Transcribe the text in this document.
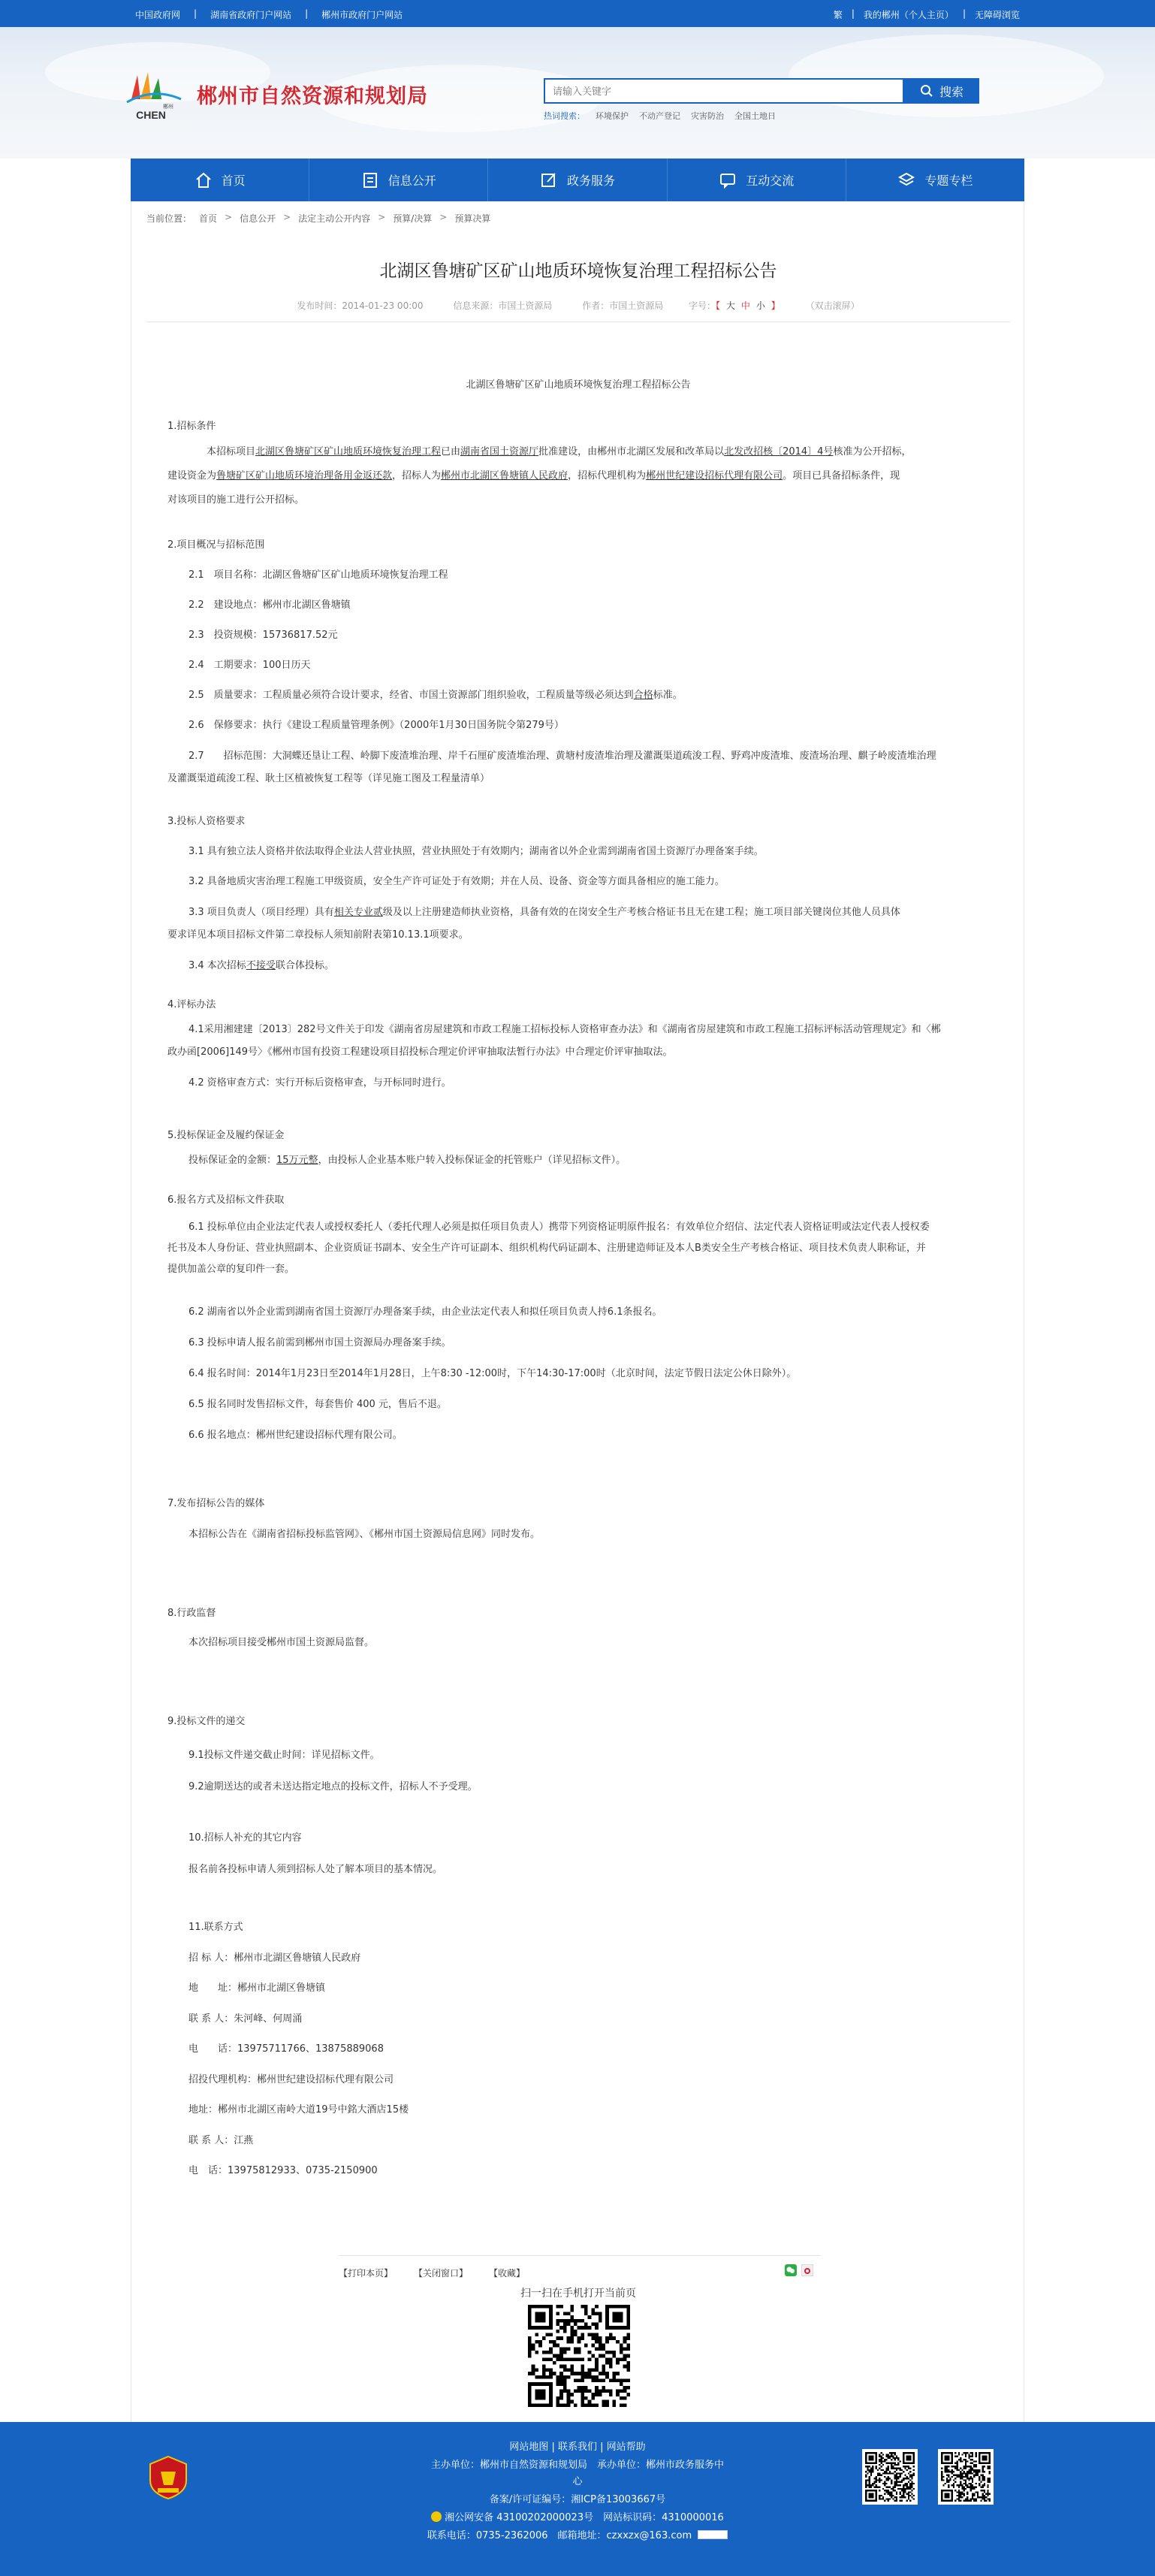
中国政府网 | 湖南省政府门户网站 | 郴州市政府门户网站	繁 | 我的郴州（个人主页） | 无障碍浏览
CHEN
郴州 郴州市自然资源和规划局
请输入关键字	搜索
热词搜索： 环境保护 不动产登记 灾害防治 全国土地日
首页	信息公开	政务服务	互动交流	专题专栏
当前位置： 首页 > 信息公开 > 法定主动公开内容 > 预算/决算 > 预算决算
北湖区鲁塘矿区矿山地质环境恢复治理工程招标公告
发布时间：2014-01-23 00:00	信息来源：市国土资源局	作者：市国土资源局	字号：【 大 中 小 】	（双击滚屏）
北湖区鲁塘矿区矿山地质环境恢复治理工程招标公告
1.招标条件
本招标项目北湖区鲁塘矿区矿山地质环境恢复治理工程已由湖南省国土资源厅批准建设，由郴州市北湖区发展和改革局以北发改招核〔2014〕4号核准为公开招标，
建设资金为鲁塘矿区矿山地质环境治理备用金返还款，招标人为郴州市北湖区鲁塘镇人民政府，招标代理机构为郴州世纪建设招标代理有限公司。项目已具备招标条件，现
对该项目的施工进行公开招标。
2.项目概况与招标范围
2.1　项目名称：北湖区鲁塘矿区矿山地质环境恢复治理工程
2.2　建设地点：郴州市北湖区鲁塘镇
2.3　投资规模：15736817.52元
2.4　工期要求：100日历天
2.5　质量要求：工程质量必须符合设计要求，经省、市国土资源部门组织验收，工程质量等级必须达到合格标准。
2.6　保修要求：执行《建设工程质量管理条例》（2000年1月30日国务院令第279号）
2.7　　招标范围：大洞蝶还垦让工程、岭脚下废渣堆治理、岸千石厘矿废渣堆治理、黄塘村废渣堆治理及灌溉渠道疏浚工程、野鸡冲废渣堆、废渣场治理、麒子岭废渣堆治理
及灌溉渠道疏浚工程、耿土区植被恢复工程等（详见施工图及工程量清单）
3.投标人资格要求
3.1 具有独立法人资格并依法取得企业法人营业执照，营业执照处于有效期内；湖南省以外企业需到湖南省国土资源厅办理备案手续。
3.2 具备地质灾害治理工程施工甲级资质，安全生产许可证处于有效期；并在人员、设备、资金等方面具备相应的施工能力。
3.3 项目负责人（项目经理）具有相关专业贰级及以上注册建造师执业资格，具备有效的在岗安全生产考核合格证书且无在建工程；施工项目部关键岗位其他人员具体
要求详见本项目招标文件第二章投标人须知前附表第10.13.1项要求。
3.4 本次招标不接受联合体投标。
4.评标办法
4.1采用湘建建〔2013〕282号文件关于印发《湖南省房屋建筑和市政工程施工招标投标人资格审查办法》和《湖南省房屋建筑和市政工程施工招标评标活动管理规定》和〈郴
政办函[2006]149号〉《郴州市国有投资工程建设项目招投标合理定价评审抽取法暂行办法》中合理定价评审抽取法。
4.2 资格审查方式：实行开标后资格审查，与开标同时进行。
5.投标保证金及履约保证金
投标保证金的金额：15万元整，由投标人企业基本账户转入投标保证金的托管账户（详见招标文件）。
6.报名方式及招标文件获取
6.1 投标单位由企业法定代表人或授权委托人（委托代理人必须是拟任项目负责人）携带下列资格证明原件报名：有效单位介绍信、法定代表人资格证明或法定代表人授权委
托书及本人身份证、营业执照副本、企业资质证书副本、安全生产许可证副本、组织机构代码证副本、注册建造师证及本人B类安全生产考核合格证、项目技术负责人职称证，并
提供加盖公章的复印件一套。
6.2 湖南省以外企业需到湖南省国土资源厅办理备案手续，由企业法定代表人和拟任项目负责人持6.1条报名。
6.3 投标申请人报名前需到郴州市国土资源局办理备案手续。
6.4 报名时间：2014年1月23日至2014年1月28日，上午8:30 -12:00时，下午14:30-17:00时（北京时间，法定节假日法定公休日除外）。
6.5 报名同时发售招标文件，每套售价 400 元，售后不退。
6.6 报名地点：郴州世纪建设招标代理有限公司。
7.发布招标公告的媒体
本招标公告在《湖南省招标投标监管网》、《郴州市国土资源局信息网》同时发布。
8.行政监督
本次招标项目接受郴州市国土资源局监督。
9.投标文件的递交
9.1投标文件递交截止时间：详见招标文件。
9.2逾期送达的或者未送达指定地点的投标文件，招标人不予受理。
10.招标人补充的其它内容
报名前各投标申请人须到招标人处了解本项目的基本情况。
11.联系方式
招 标 人：郴州市北湖区鲁塘镇人民政府
地　　址：郴州市北湖区鲁塘镇
联 系 人：朱河峰、何周涌
电　　话：13975711766、13875889068
招投代理机构：郴州世纪建设招标代理有限公司
地址：郴州市北湖区南岭大道19号中銘大酒店15楼
联 系 人：江燕
电　话：13975812933、0735-2150900
【打印本页】 【关闭窗口】 【收藏】
扫一扫在手机打开当前页
网站地图 | 联系我们 | 网站帮助
主办单位：郴州市自然资源和规划局　承办单位：郴州市政务服务中
心
备案/许可证编号：湘ICP备13003667号
湘公网安备 43100202000023号　网站标识码：4310000016
联系电话：0735-2362006　邮箱地址：czxxzx@163.com
